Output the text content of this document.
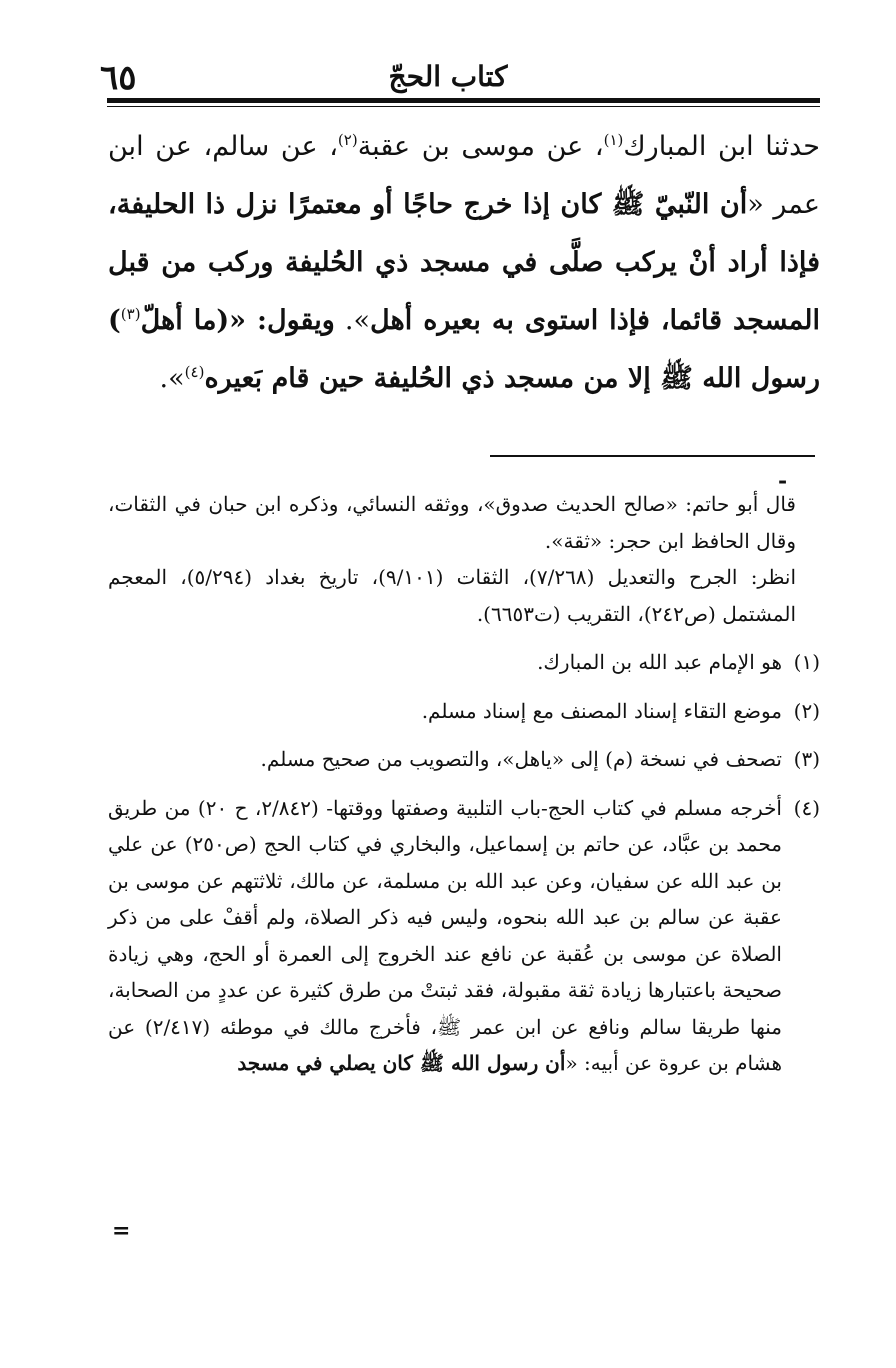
٦٥	كتاب الحجّ
حدثنا ابن المبارك$^{(١)}$، عن موسى بن عقبة$^{(٢)}$، عن سالم، عن ابن عمر «أن النّبيّ ﷺ كان إذا خرج حاجًا أو معتمرًا نزل ذا الحليفة، فإذا أراد أنْ يركب صلَّى في مسجد ذي الحُليفة وركب من قبل المسجد قائما، فإذا استوى به بعيره أهل». ويقول: «(ما أهلّ$^{(٣)}$) رسول الله ﷺ إلا من مسجد ذي الحُليفة حين قام بَعيره$^{(٤)}$».
-

قال أبو حاتم: «صالح الحديث صدوق»، ووثقه النسائي، وذكره ابن حبان في الثقات، وقال الحافظ ابن حجر: «ثقة».

انظر: الجرح والتعديل (٧/٢٦٨)، الثقات (٩/١٠١)، تاريخ بغداد (٥/٢٩٤)، المعجم المشتمل (ص٢٤٢)، التقريب (ت٦٦٥٣).

(١)
هو الإمام عبد الله بن المبارك.
(٢)
موضع التقاء إسناد المصنف مع إسناد مسلم.
(٣)
تصحف في نسخة (م) إلى «ياهل»، والتصويب من صحيح مسلم.
(٤)
أخرجه مسلم في كتاب الحج-باب التلبية وصفتها ووقتها- (٢/٨٤٢، ح ٢٠) من طريق محمد بن عبَّاد، عن حاتم بن إسماعيل، والبخاري في كتاب الحج (ص٢٥٠) عن علي بن عبد الله عن سفيان، وعن عبد الله بن مسلمة، عن مالك، ثلاثتهم عن موسى بن عقبة عن سالم بن عبد الله بنحوه، وليس فيه ذكر الصلاة، ولم أقفْ على من ذكر الصلاة عن موسى بن عُقبة عن نافع عند الخروج إلى العمرة أو الحج، وهي زيادة صحيحة باعتبارها زيادة ثقة مقبولة، فقد ثبتتْ من طرق كثيرة عن عددٍ من الصحابة، منها طريقا سالم ونافع عن ابن عمر ﷺ، فأخرج مالك في موطئه (٢/٤١٧) عن هشام بن عروة عن أبيه: «أن رسول الله ﷺ كان يصلي في مسجد
=
